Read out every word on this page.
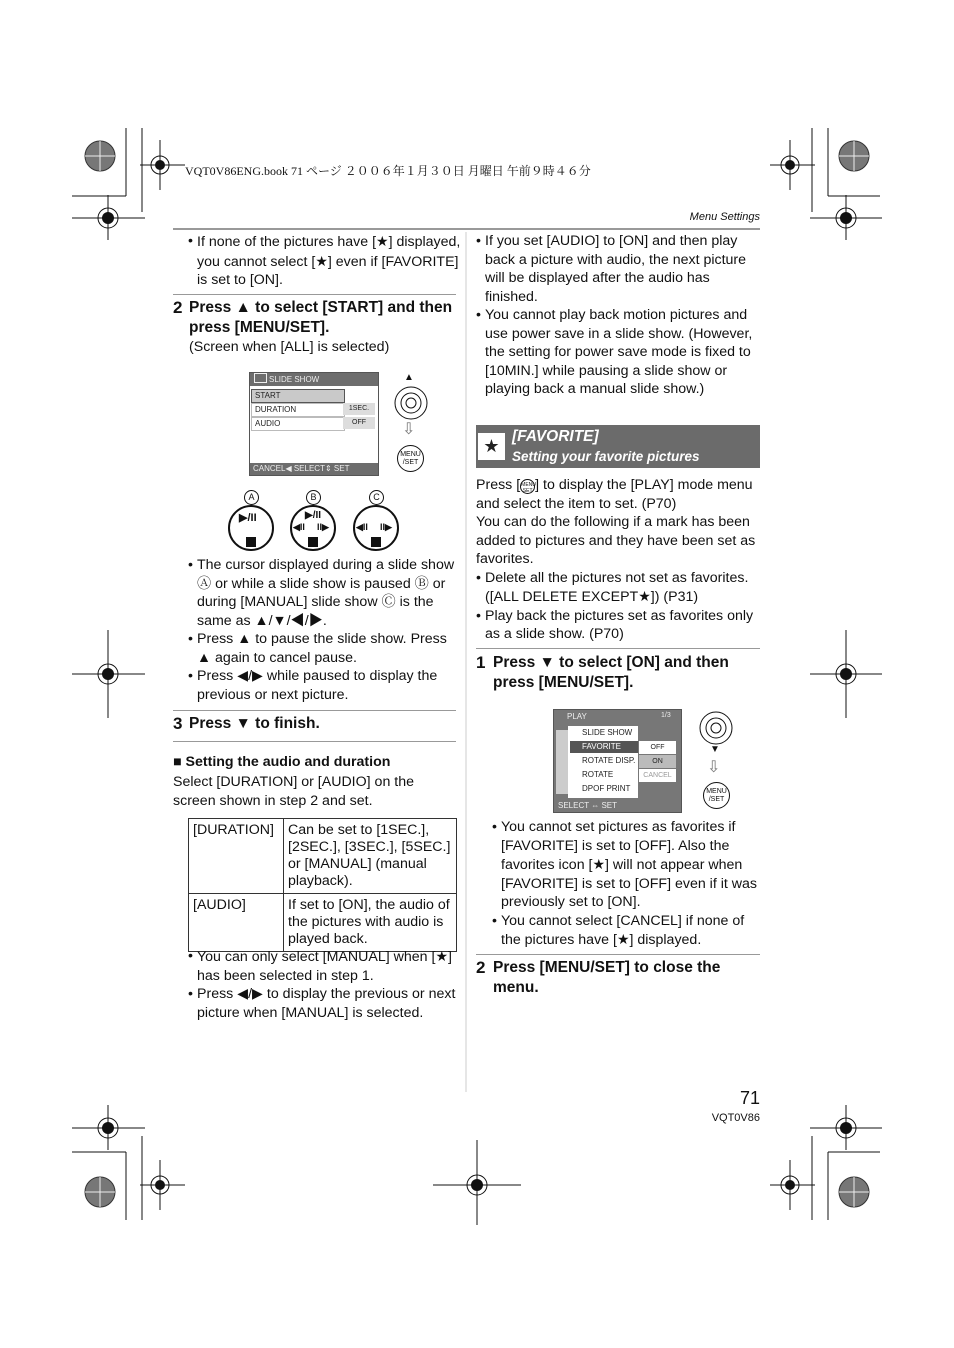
VQT0V86ENG.book 71 ページ ２００６年１月３０日 月曜日 午前９時４６分
Menu Settings
• If none of the pictures have [★] displayed, you cannot select [★] even if [FAVORITE] is set to [ON].
2 Press ▲ to select [START] and then press [MENU/SET].
(Screen when [ALL] is selected)
SLIDE SHOW
START
DURATION	1SEC.
AUDIO	OFF
CANCEL◀ SELECT⇕ SET
▲
⇩
MENU
/SET
A	B	C
▶/II	▶/II
◀II II▶	◀II II▶
• The cursor displayed during a slide show Ⓐ or while a slide show is paused Ⓑ or during [MANUAL] slide show Ⓒ is the same as ▲/▼/◀/▶.
• Press ▲ to pause the slide show. Press ▲ again to cancel pause.
• Press ◀/▶ while paused to display the previous or next picture.
3 Press ▼ to finish.
■ Setting the audio and duration
Select [DURATION] or [AUDIO] on the screen shown in step 2 and set.
[DURATION]	Can be set to [1SEC.], [2SEC.], [3SEC.], [5SEC.] or [MANUAL] (manual playback).
[AUDIO]	If set to [ON], the audio of the pictures with audio is played back.
• You can only select [MANUAL] when [★] has been selected in step 1.
• Press ◀/▶ to display the previous or next picture when [MANUAL] is selected.
• If you set [AUDIO] to [ON] and then play back a picture with audio, the next picture will be displayed after the audio has finished.
• You cannot play back motion pictures and use power save in a slide show. (However, the setting for power save mode is fixed to [10MIN.] while pausing a slide show or playing back a manual slide show.)
★ [FAVORITE]
Setting your favorite pictures
Press [MENU
SET ] to display the [PLAY] mode menu and select the item to set. (P70)
You can do the following if a mark has been added to pictures and they have been set as favorites.
• Delete all the pictures not set as favorites. ([ALL DELETE EXCEPT★]) (P31)
• Play back the pictures set as favorites only as a slide show. (P70)
1 Press ▼ to select [ON] and then press [MENU/SET].
PLAY	1/3
SLIDE SHOW
FAVORITE
ROTATE DISP.
ROTATE
DPOF PRINT
OFF
ON
CANCEL
SELECT ⇔ SET
▼
⇩
MENU
/SET
• You cannot set pictures as favorites if [FAVORITE] is set to [OFF]. Also the favorites icon [★] will not appear when [FAVORITE] is set to [OFF] even if it was previously set to [ON].
• You cannot select [CANCEL] if none of the pictures have [★] displayed.
2 Press [MENU/SET] to close the menu.
71
VQT0V86
